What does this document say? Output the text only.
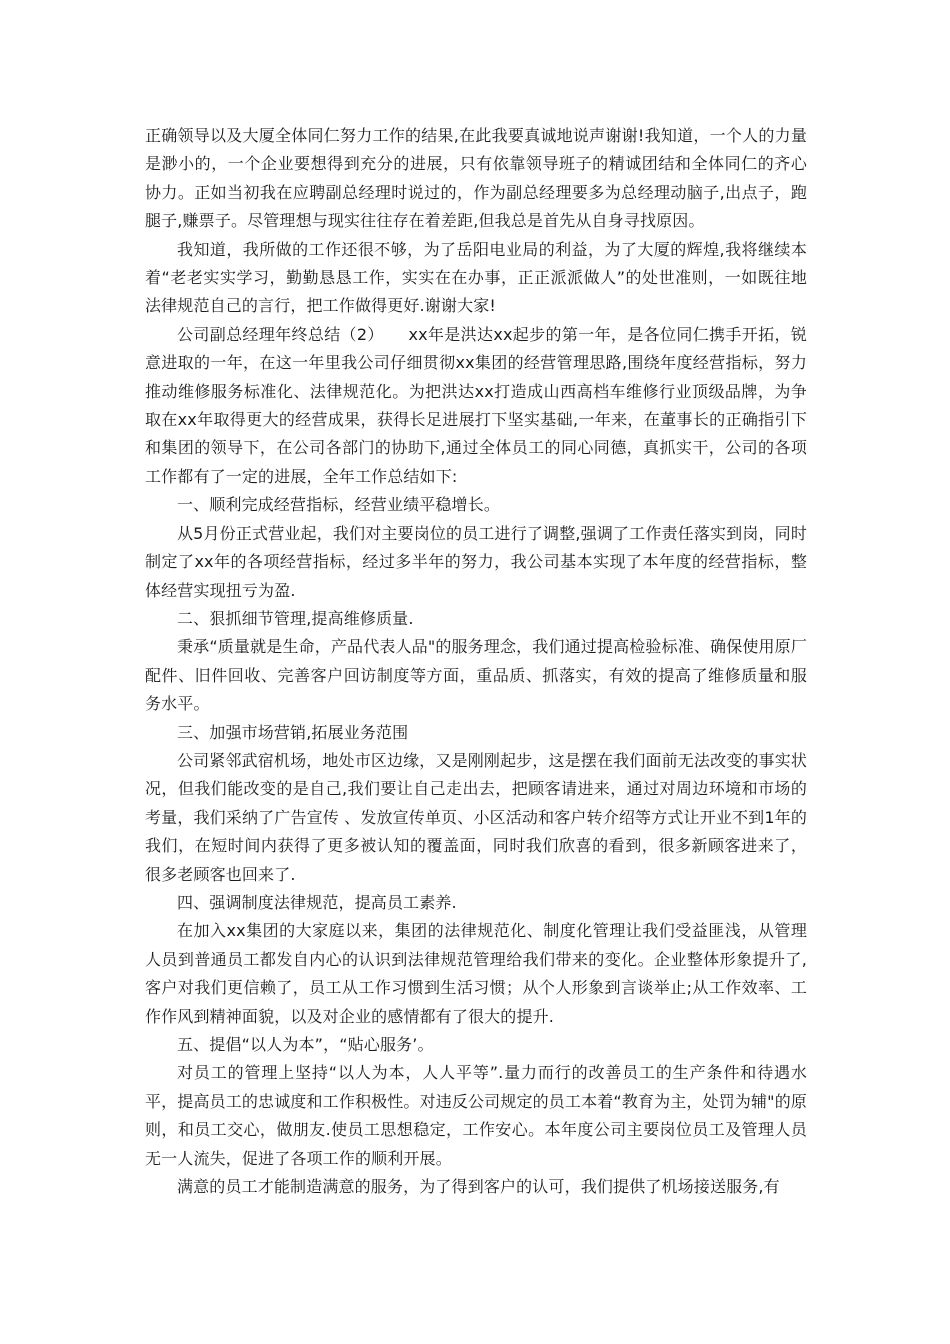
正确领导以及大厦全体同仁努力工作的结果,在此我要真诚地说声谢谢!我知道，一个人的力量是渺小的，一个企业要想得到充分的进展，只有依靠领导班子的精诚团结和全体同仁的齐心协力。正如当初我在应聘副总经理时说过的，作为副总经理要多为总经理动脑子,出点子，跑腿子,赚票子。尽管理想与现实往往存在着差距,但我总是首先从自身寻找原因。

我知道，我所做的工作还很不够，为了岳阳电业局的利益，为了大厦的辉煌,我将继续本着“老老实实学习，勤勤恳恳工作，实实在在办事，正正派派做人”的处世准则，一如既往地法律规范自己的言行，把工作做得更好.谢谢大家!

公司副总经理年终总结（2）　　xx年是洪达xx起步的第一年，是各位同仁携手开拓，锐意进取的一年，在这一年里我公司仔细贯彻xx集团的经营管理思路,围绕年度经营指标，努力推动维修服务标准化、法律规范化。为把洪达xx打造成山西高档车维修行业顶级品牌，为争取在xx年取得更大的经营成果，获得长足进展打下坚实基础,一年来，在董事长的正确指引下和集团的领导下，在公司各部门的协助下,通过全体员工的同心同德，真抓实干，公司的各项工作都有了一定的进展，全年工作总结如下:

一、顺利完成经营指标，经营业绩平稳增长。

从5月份正式营业起，我们对主要岗位的员工进行了调整,强调了工作责任落实到岗，同时制定了xx年的各项经营指标，经过多半年的努力，我公司基本实现了本年度的经营指标，整体经营实现扭亏为盈.

二、狠抓细节管理,提高维修质量.

秉承“质量就是生命，产品代表人品"的服务理念，我们通过提高检验标准、确保使用原厂配件、旧件回收、完善客户回访制度等方面，重品质、抓落实，有效的提高了维修质量和服务水平。

三、加强市场营销,拓展业务范围

公司紧邻武宿机场，地处市区边缘，又是刚刚起步，这是摆在我们面前无法改变的事实状况，但我们能改变的是自己,我们要让自己走出去，把顾客请进来，通过对周边环境和市场的考量，我们采纳了广告宣传 、发放宣传单页、小区活动和客户转介绍等方式让开业不到1年的我们，在短时间内获得了更多被认知的覆盖面，同时我们欣喜的看到，很多新顾客进来了，很多老顾客也回来了.

四、强调制度法律规范，提高员工素养.

在加入xx集团的大家庭以来，集团的法律规范化、制度化管理让我们受益匪浅，从管理人员到普通员工都发自内心的认识到法律规范管理给我们带来的变化。企业整体形象提升了,客户对我们更信赖了，员工从工作习惯到生活习惯；从个人形象到言谈举止;从工作效率、工作作风到精神面貌，以及对企业的感情都有了很大的提升.

五、提倡“以人为本”，“贴心服务’。

对员工的管理上坚持“以人为本，人人平等”.量力而行的改善员工的生产条件和待遇水平，提高员工的忠诚度和工作积极性。对违反公司规定的员工本着“教育为主，处罚为辅"的原则，和员工交心，做朋友.使员工思想稳定，工作安心。本年度公司主要岗位员工及管理人员无一人流失，促进了各项工作的顺利开展。

满意的员工才能制造满意的服务，为了得到客户的认可，我们提供了机场接送服务,有
